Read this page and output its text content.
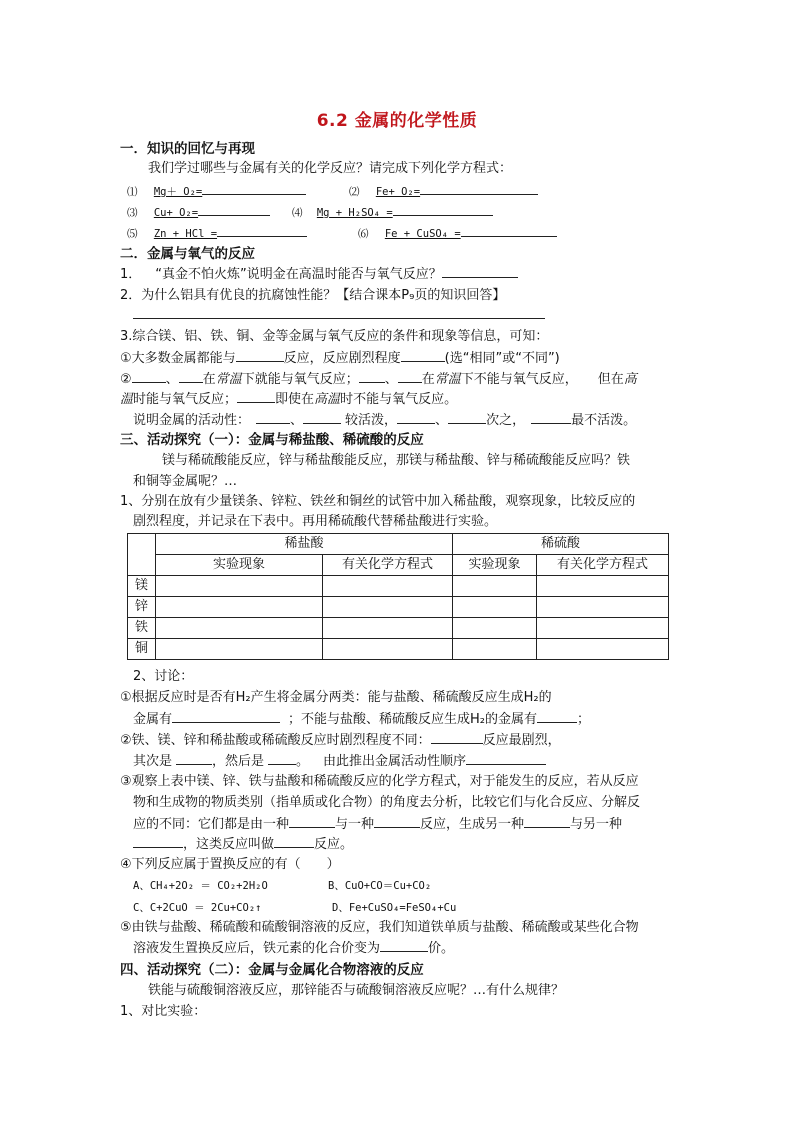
6.2 金属的化学性质
一．知识的回忆与再现
我们学过哪些与金属有关的化学反应？请完成下列化学方程式：
⑴ Mg＋ O₂=	⑵ Fe+ O₂=
⑶ Cu+ O₂=	⑷ Mg + H₂SO₄ =
⑸ Zn + HCl =	⑹ Fe + CuSO₄ =
二．金属与氧气的反应
1． “真金不怕火炼”说明金在高温时能否与氧气反应？
2．为什么铝具有优良的抗腐蚀性能？【结合课本P₉页的知识回答】
3.综合镁、铝、铁、铜、金等金属与氧气反应的条件和现象等信息，可知：
①大多数金属都能与	反应，反应剧烈程度	(选“相同”或“不同”)
②	、 在常温下就能与氧气反应； 、 在常温下不能与氧气反应， 但在高
温时能与氧气反应；	即使在高温时不能与氧气反应。
说明金属的活动性：	、	较活泼，	、	次之，	最不活泼。
三、活动探究（一）：金属与稀盐酸、稀硫酸的反应
镁与稀硫酸能反应，锌与稀盐酸能反应，那镁与稀盐酸、锌与稀硫酸能反应吗？铁
和铜等金属呢？…
1、分别在放有少量镁条、锌粒、铁丝和铜丝的试管中加入稀盐酸，观察现象，比较反应的
剧烈程度，并记录在下表中。再用稀硫酸代替稀盐酸进行实验。
	稀盐酸		稀硫酸	
	实验现象	有关化学方程式	实验现象	有关化学方程式
镁				
锌				
铁				
铜				
2、讨论：
①根据反应时是否有H₂产生将金属分两类：能与盐酸、稀硫酸反应生成H₂的
金属有	；不能与盐酸、稀硫酸反应生成H₂的金属有	；
②铁、镁、锌和稀盐酸或稀硫酸反应时剧烈程度不同：	反应最剧烈，
其次是	，然后是 。 由此推出金属活动性顺序
③观察上表中镁、锌、铁与盐酸和稀硫酸反应的化学方程式，对于能发生的反应，若从反应
物和生成物的物质类别（指单质或化合物）的角度去分析，比较它们与化合反应、分解反
应的不同：它们都是由一种	与一种	反应，生成另一种	与另一种
，这类反应叫做	反应。
④下列反应属于置换反应的有（　　）
A、CH₄+2O₂ ＝ CO₂+2H₂O	B、CuO+CO＝Cu+CO₂
C、C+2CuO ＝ 2Cu+CO₂↑	D、Fe+CuSO₄=FeSO₄+Cu
⑤由铁与盐酸、稀硫酸和硫酸铜溶液的反应，我们知道铁单质与盐酸、稀硫酸或某些化合物
溶液发生置换反应后，铁元素的化合价变为	价。
四、活动探究（二）：金属与金属化合物溶液的反应
铁能与硫酸铜溶液反应，那锌能否与硫酸铜溶液反应呢？…有什么规律？
1、对比实验：
